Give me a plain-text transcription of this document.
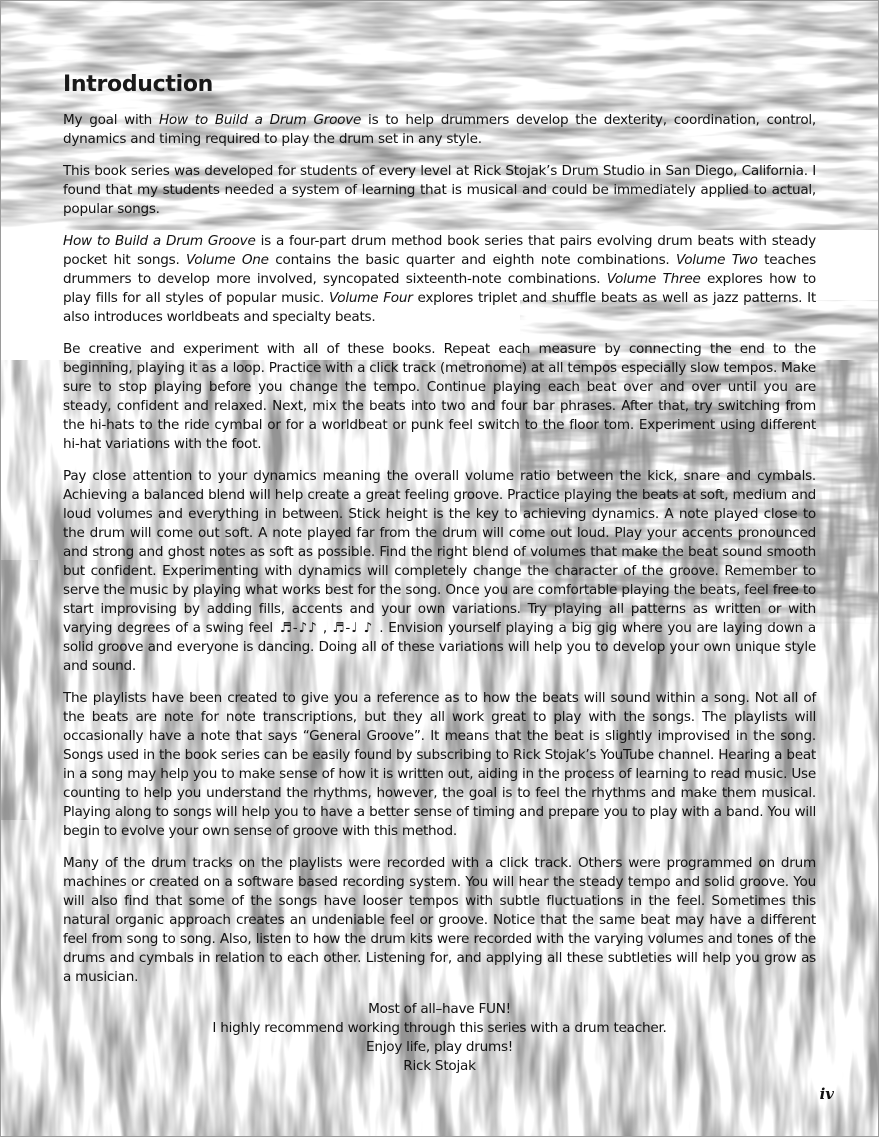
Introduction

My goal with How to Build a Drum Groove is to help drummers develop the dexterity, coordination, control, dynamics and timing required to play the drum set in any style.

This book series was developed for students of every level at Rick Stojak’s Drum Studio in San Diego, California. I found that my students needed a system of learning that is musical and could be immediately applied to actual, popular songs.

How to Build a Drum Groove is a four-part drum method book series that pairs evolving drum beats with steady pocket hit songs. Volume One contains the basic quarter and eighth note combinations. Volume Two teaches drummers to develop more involved, syncopated sixteenth-note combinations. Volume Three explores how to play fills for all styles of popular music. Volume Four explores triplet and shuffle beats as well as jazz patterns. It also introduces worldbeats and specialty beats.

Be creative and experiment with all of these books. Repeat each measure by connecting the end to the beginning, playing it as a loop. Practice with a click track (metronome) at all tempos especially slow tempos. Make sure to stop playing before you change the tempo. Continue playing each beat over and over until you are steady, confident and relaxed. Next, mix the beats into two and four bar phrases. After that, try switching from the hi-hats to the ride cymbal or for a worldbeat or punk feel switch to the floor tom. Experiment using different hi-hat variations with the foot.

Pay close attention to your dynamics meaning the overall volume ratio between the kick, snare and cymbals. Achieving a balanced blend will help create a great feeling groove. Practice playing the beats at soft, medium and loud volumes and everything in between. Stick height is the key to achieving dynamics. A note played close to the drum will come out soft. A note played far from the drum will come out loud. Play your accents pronounced and strong and ghost notes as soft as possible. Find the right blend of volumes that make the beat sound smooth but confident. Experimenting with dynamics will completely change the character of the groove. Remember to serve the music by playing what works best for the song. Once you are comfortable playing the beats, feel free to start improvising by adding fills, accents and your own variations. Try playing all patterns as written or with varying degrees of a swing feel ♬-♪♪ , ♬-♩ ♪ . Envision yourself playing a big gig where you are laying down a solid groove and everyone is dancing. Doing all of these variations will help you to develop your own unique style and sound.

The playlists have been created to give you a reference as to how the beats will sound within a song. Not all of the beats are note for note transcriptions, but they all work great to play with the songs. The playlists will occasionally have a note that says “General Groove”. It means that the beat is slightly improvised in the song. Songs used in the book series can be easily found by subscribing to Rick Stojak’s YouTube channel. Hearing a beat in a song may help you to make sense of how it is written out, aiding in the process of learning to read music. Use counting to help you understand the rhythms, however, the goal is to feel the rhythms and make them musical. Playing along to songs will help you to have a better sense of timing and prepare you to play with a band. You will begin to evolve your own sense of groove with this method.

Many of the drum tracks on the playlists were recorded with a click track. Others were programmed on drum machines or created on a software based recording system. You will hear the steady tempo and solid groove. You will also find that some of the songs have looser tempos with subtle fluctuations in the feel. Sometimes this natural organic approach creates an undeniable feel or groove. Notice that the same beat may have a different feel from song to song. Also, listen to how the drum kits were recorded with the varying volumes and tones of the drums and cymbals in relation to each other. Listening for, and applying all these subtleties will help you grow as a musician.

Most of all–have FUN!
I highly recommend working through this series with a drum teacher.
Enjoy life, play drums!
Rick Stojak
iv
